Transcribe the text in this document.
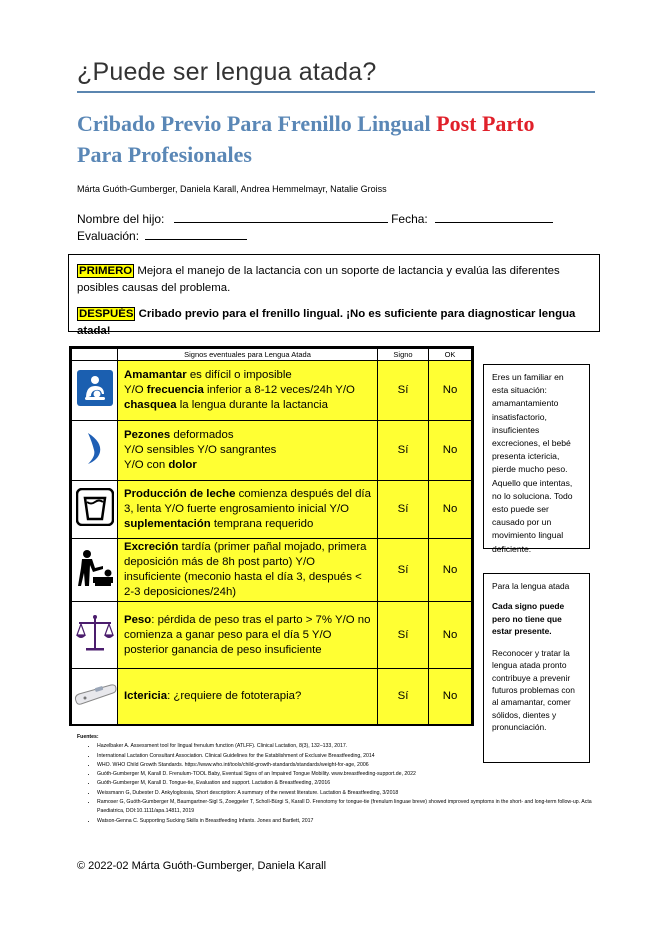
¿Puede ser lengua atada?
Cribado Previo Para Frenillo Lingual Post Parto
Para Profesionales
Márta Guóth-Gumberger, Daniela Karall, Andrea Hemmelmayr, Natalie Groiss
Nombre del hijo:	Fecha:
Evaluación:
PRIMERO Mejora el manejo de la lactancia con un soporte de lactancia y evalúa las diferentes posibles causas del problema.
DESPUÉS Cribado previo para el frenillo lingual. ¡No es suficiente para diagnosticar lengua atada!
	Signos eventuales para Lengua Atada	Signo	OK
	Amamantar es difícil o imposible
Y/O frecuencia inferior a 8-12 veces/24h Y/O
chasquea la lengua durante la lactancia	Sí	No
	Pezones deformados
Y/O sensibles Y/O sangrantes
Y/O con dolor	Sí	No
	Producción de leche comienza después del día 3, lenta Y/O fuerte engrosamiento inicial Y/O suplementación temprana requerido	Sí	No
	Excreción tardía (primer pañal mojado, primera deposición más de 8h post parto) Y/O insuficiente (meconio hasta el día 3, después < 2-3 deposiciones/24h)	Sí	No
	Peso: pérdida de peso tras el parto > 7% Y/O no comienza a ganar peso para el día 5 Y/O posterior ganancia de peso insuficiente	Sí	No
	Ictericia: ¿requiere de fototerapia?	Sí	No
Eres un familiar en esta situación: amamantamiento insatisfactorio, insuficientes excreciones, el bebé presenta ictericia, pierde mucho peso. Aquello que intentas, no lo soluciona. Todo esto puede ser causado por un movimiento lingual deficiente.
Para la lengua atada
Cada signo puede pero no tiene que estar presente.
Reconocer y tratar la lengua atada pronto contribuye a prevenir futuros problemas con al amamantar, comer sólidos, dientes y pronunciación.
Fuentes:
• Hazelbaker A. Assessment tool for lingual frenulum function (ATLFF). Clinical Lactation, 8(3), 132–133, 2017.
• International Lactation Consultant Association. Clinical Guidelines for the Establishment of Exclusive Breastfeeding, 2014
• WHO. WHO Child Growth Standards. https://www.who.int/tools/child-growth-standards/standards/weight-for-age, 2006
• Guóth-Gumberger M, Karall D. Frenulum-TOOL Baby, Eventual Signs of an Impaired Tongue Mobility. www.breastfeeding-support.de, 2022
• Guóth-Gumberger M, Karall D. Tongue-tie, Evaluation and support. Lactation & Breastfeeding, 2/2016
• Weissmann G, Dubester D. Ankyloglossia, Short description: A summary of the newest literature. Lactation & Breastfeeding, 3/2018
• Ramoser G, Guóth-Gumberger M, Baumgartner-Sigl S, Zoeggeler T, Scholl-Bürgi S, Karall D. Frenotomy for tongue-tie (frenulum linguae breve) showed improved symptoms in the short- and long-term follow-up. Acta Paediatrica, DOI:10.1111/apa.14811, 2019
• Watson-Genna C. Supporting Sucking Skills in Breastfeeding Infants. Jones and Bartlett, 2017
© 2022-02 Márta Guóth-Gumberger, Daniela Karall
